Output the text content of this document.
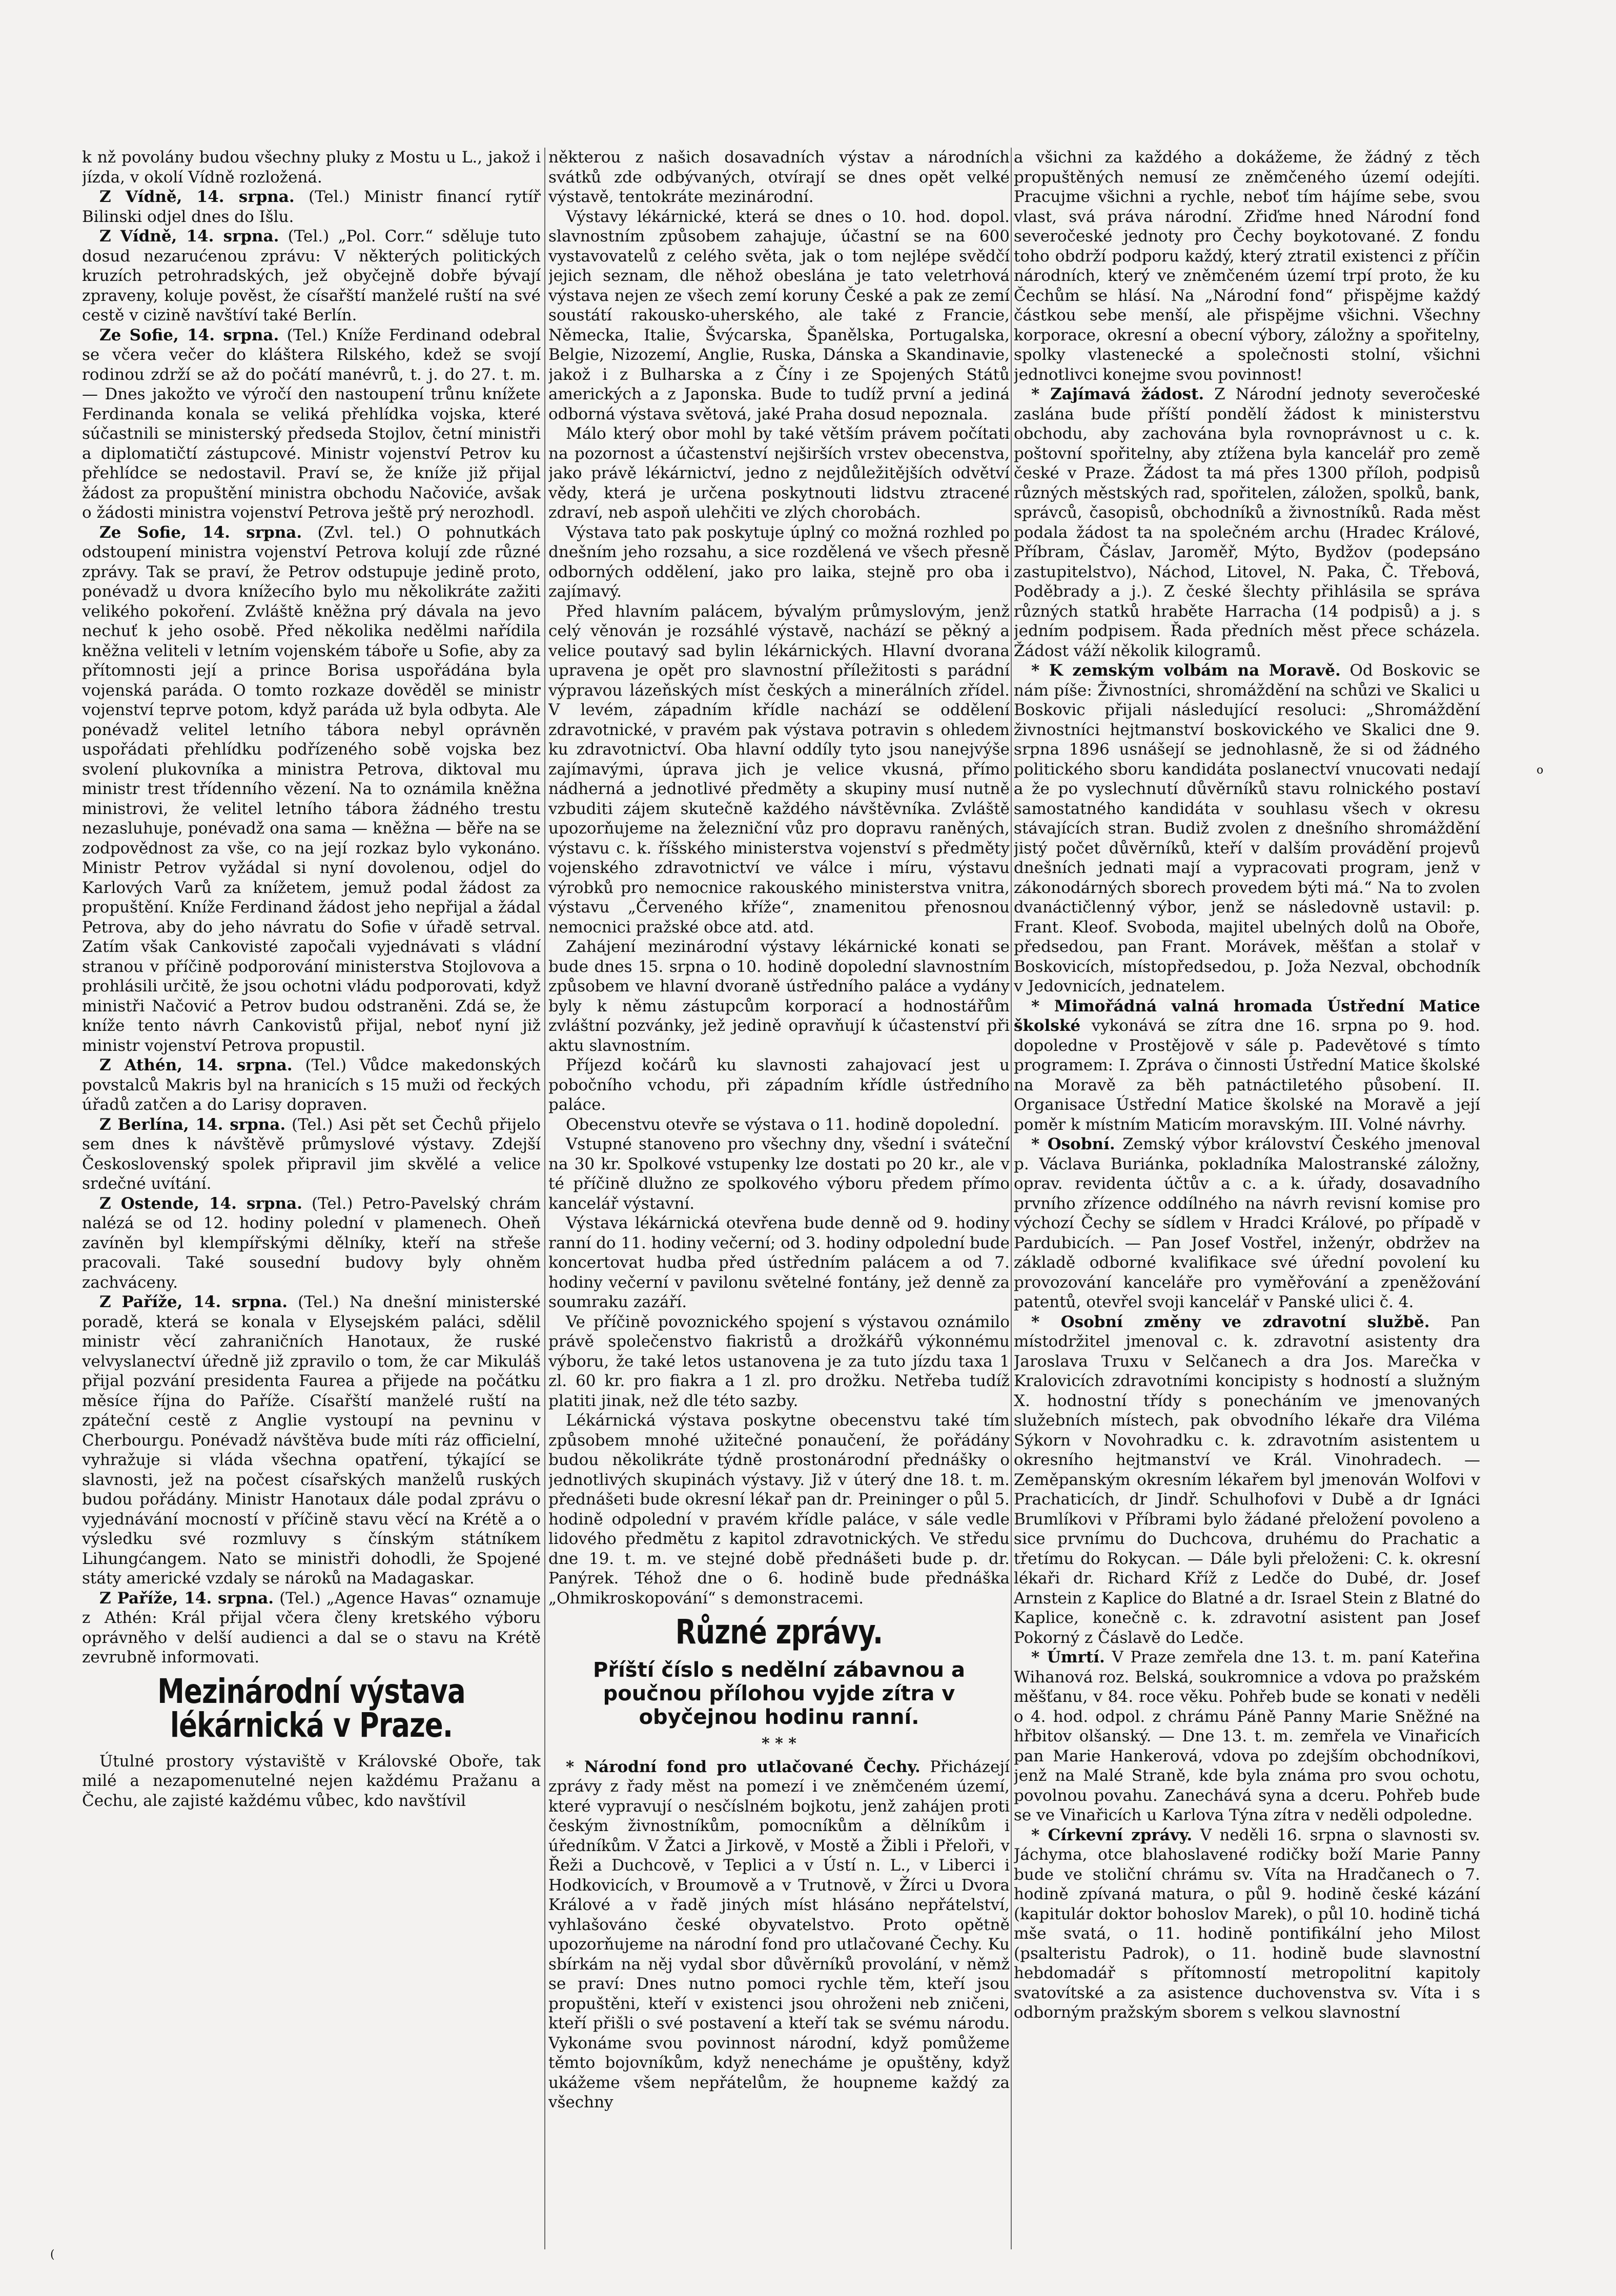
k nž povolány budou všechny pluky z Mostu u L., jakož i jízda, v okolí Vídně rozložená.

Z Vídně, 14. srpna. (Tel.) Ministr financí rytíř Bilinski odjel dnes do Išlu.

Z Vídně, 14. srpna. (Tel.) „Pol. Corr.“ sděluje tuto dosud nezarućenou zprávu: V některých politických kruzích petrohradských, jež obyčejně dobře bývají zpraveny, koluje pověst, že císařští manželé ruští na své cestě v cizině navštíví také Berlín.

Ze Sofie, 14. srpna. (Tel.) Kníže Ferdinand odebral se včera večer do kláštera Rilského, kdež se svojí rodinou zdrží se až do počátí manévrů, t. j. do 27. t. m. — Dnes jakožto ve výročí den nastoupení trůnu knížete Ferdinanda konala se veliká přehlídka vojska, které súčastnili se ministerský předseda Stojlov, četní ministři a diplomatičtí zástupcové. Ministr vojenství Petrov ku přehlídce se nedostavil. Praví se, že kníže již přijal žádost za propuštění ministra obchodu Načoviće, avšak o žádosti ministra vojenství Petrova ještě prý nerozhodl.

Ze Sofie, 14. srpna. (Zvl. tel.) O pohnutkách odstoupení ministra vojenství Petrova kolují zde různé zprávy. Tak se praví, že Petrov odstupuje jedině proto, ponévadž u dvora knížecího bylo mu několikráte zažiti velikého pokoření. Zvláště kněžna prý dávala na jevo nechuť k jeho osobě. Před několika nedělmi nařídila kněžna veliteli v letním vojenském táboře u Sofie, aby za přítomnosti její a prince Borisa uspořádána byla vojenská paráda. O tomto rozkaze dověděl se ministr vojenství teprve potom, když paráda už byla odbyta. Ale ponévadž velitel letního tábora nebyl oprávněn uspořádati přehlídku podřízeného sobě vojska bez svolení plukovníka a ministra Petrova, diktoval mu ministr trest třídenního vězení. Na to oznámila kněžna ministrovi, že velitel letního tábora žádného trestu nezasluhuje, ponévadž ona sama — kněžna — běře na se zodpovědnost za vše, co na její rozkaz bylo vykonáno. Ministr Petrov vyžádal si nyní dovolenou, odjel do Karlových Varů za knížetem, jemuž podal žádost za propuštění. Kníže Ferdinand žádost jeho nepřijal a žádal Petrova, aby do jeho návratu do Sofie v úřadě setrval. Zatím však Cankovisté započali vyjednávati s vládní stranou v příčině podporování ministerstva Stojlovova a prohlásili určitě, že jsou ochotni vládu podporovati, když ministři Načović a Petrov budou odstraněni. Zdá se, že kníže tento návrh Cankovistů přijal, neboť nyní již ministr vojenství Petrova propustil.

Z Athén, 14. srpna. (Tel.) Vůdce makedonských povstalců Makris byl na hranicích s 15 muži od řeckých úřadů zatčen a do Larisy dopraven.

Z Berlína, 14. srpna. (Tel.) Asi pět set Čechů přijelo sem dnes k návštěvě průmyslové výstavy. Zdejší Československý spolek připravil jim skvělé a velice srdečné uvítání.

Z Ostende, 14. srpna. (Tel.) Petro-Pavelský chrám nalézá se od 12. hodiny polední v plamenech. Oheň zavíněn byl klempířskými dělníky, kteří na střeše pracovali. Také sousední budovy byly ohněm zachváceny.

Z Paříže, 14. srpna. (Tel.) Na dnešní ministerské poradě, která se konala v Elysejském paláci, sdělil ministr věcí zahraničních Hanotaux, že ruské velvyslanectví úředně již zpravilo o tom, že car Mikuláš přijal pozvání presidenta Faurea a přijede na počátku měsíce října do Paříže. Císařští manželé ruští na zpáteční cestě z Anglie vystoupí na pevninu v Cherbourgu. Ponévadž návštěva bude míti ráz officielní, vyhražuje si vláda všechna opatření, týkající se slavnosti, jež na počest císařských manželů ruských budou pořádány. Ministr Hanotaux dále podal zprávu o vyjednávání mocností v příčině stavu věcí na Krétě a o výsledku své rozmluvy s čínským státníkem Lihungćangem. Nato se ministři dohodli, že Spojené státy americké vzdaly se nároků na Madagaskar.

Z Paříže, 14. srpna. (Tel.) „Agence Havas“ oznamuje z Athén: Král přijal včera členy kretského výboru oprávněho v delší audienci a dal se o stavu na Krétě zevrubně informovati.

Mezinárodní výstava lékárnická v Praze.

Útulné prostory výstaviště v Královské Oboře, tak milé a nezapomenutelné nejen každému Pražanu a Čechu, ale zajisté každému vůbec, kdo navštívil

některou z našich dosavadních výstav a národních svátků zde odbývaných, otvírají se dnes opět velké výstavě, tentokráte mezinárodní.

Výstavy lékárnické, která se dnes o 10. hod. dopol. slavnostním způsobem zahajuje, účastní se na 600 vystavovatelů z celého světa, jak o tom nejlépe svědčí jejich seznam, dle něhož obeslána je tato veletrhová výstava nejen ze všech zemí koruny České a pak ze zemí soustátí rakousko-uherského, ale také z Francie, Německa, Italie, Švýcarska, Španělska, Portugalska, Belgie, Nizozemí, Anglie, Ruska, Dánska a Skandinavie, jakož i z Bulharska a z Číny i ze Spojených Států amerických a z Japonska. Bude to tudíž první a jediná odborná výstava světová, jaké Praha dosud nepoznala.

Málo který obor mohl by také větším právem počítati na pozornost a účastenství nejširších vrstev obecenstva, jako právě lékárnictví, jedno z nejdůležitějších odvětví vědy, která je určena poskytnouti lidstvu ztracené zdraví, neb aspoň ulehčiti ve zlých chorobách.

Výstava tato pak poskytuje úplný co možná rozhled po dnešním jeho rozsahu, a sice rozdělená ve všech přesně odborných oddělení, jako pro laika, stejně pro oba i zajímavý.

Před hlavním palácem, bývalým průmyslovým, jenž celý věnován je rozsáhlé výstavě, nachází se pěkný a velice poutavý sad bylin lékárnických. Hlavní dvorana upravena je opět pro slavnostní příležitosti s parádní výpravou lázeňských míst českých a minerálních zřídel. V levém, západním křídle nachází se oddělení zdravotnické, v pravém pak výstava potravin s ohledem ku zdravotnictví. Oba hlavní oddíly tyto jsou nanejvýše zajímavými, úprava jich je velice vkusná, přímo nádherná a jednotlivé předměty a skupiny musí nutně vzbuditi zájem skutečně každého návštěvníka. Zvláště upozorňujeme na železniční vůz pro dopravu raněných, výstavu c. k. říšského ministerstva vojenství s předměty vojenského zdravotnictví ve válce i míru, výstavu výrobků pro nemocnice rakouského ministerstva vnitra, výstavu „Červeného kříže“, znamenitou přenosnou nemocnici pražské obce atd. atd.

Zahájení mezinárodní výstavy lékárnické konati se bude dnes 15. srpna o 10. hodině dopolední slavnostním způsobem ve hlavní dvoraně ústředního paláce a vydány byly k němu zástupcům korporací a hodnostářům zvláštní pozvánky, jež jedině opravňují k účastenství při aktu slavnostním.

Příjezd kočárů ku slavnosti zahajovací jest u pobočního vchodu, při západním křídle ústředního paláce.

Obecenstvu otevře se výstava o 11. hodině dopolední.

Vstupné stanoveno pro všechny dny, všední i sváteční na 30 kr. Spolkové vstupenky lze dostati po 20 kr., ale v té příčině dlužno ze spolkového výboru předem přímo kancelář výstavní.

Výstava lékárnická otevřena bude denně od 9. hodiny ranní do 11. hodiny večerní; od 3. hodiny odpolední bude koncertovat hudba před ústředním palácem a od 7. hodiny večerní v pavilonu světelné fontány, jež denně za soumraku zazáří.

Ve příčině povoznického spojení s výstavou oznámilo právě společenstvo fiakristů a drožkářů výkonnému výboru, že také letos ustanovena je za tuto jízdu taxa 1 zl. 60 kr. pro fiakra a 1 zl. pro drožku. Netřeba tudíž platiti jinak, než dle této sazby.

Lékárnická výstava poskytne obecenstvu také tím způsobem mnohé užitečné ponaučení, že pořádány budou několikráte týdně prostonárodní přednášky o jednotlivých skupinách výstavy. Již v úterý dne 18. t. m. přednášeti bude okresní lékař pan dr. Preininger o půl 5. hodině odpolední v pravém křídle paláce, v sále vedle lidového předmětu z kapitol zdravotnických. Ve středu dne 19. t. m. ve stejné době přednášeti bude p. dr. Panýrek. Téhož dne o 6. hodině bude přednáška „Ohmikroskopování“ s demonstracemi.

Různé zprávy.
Příští číslo s nedělní zábavnou a poučnou přílohou vyjde zítra v obyčejnou hodinu ranní.
* * *

* Národní fond pro utlačované Čechy. Přicházejí zprávy z řady měst na pomezí i ve zněmčeném území, které vypravují o nesčíslném bojkotu, jenž zahájen proti českým živnostníkům, pomocníkům a dělníkům i úředníkům. V Žatci a Jirkově, v Mostě a Žibli i Přeloři, v Řeži a Duchcově, v Teplici a v Ústí n. L., v Liberci i Hodkovicích, v Broumově a v Trutnově, v Žírci u Dvora Králové a v řadě jiných míst hlásáno nepřátelství, vyhlašováno české obyvatelstvo. Proto opětně upozorňujeme na národní fond pro utlačované Čechy. Ku sbírkám na něj vydal sbor důvěrníků provolání, v němž se praví: Dnes nutno pomoci rychle těm, kteří jsou propuštěni, kteří v existenci jsou ohroženi neb zničeni, kteří přišli o své postavení a kteří tak se svému národu. Vykonáme svou povinnost národní, když pomůžeme těmto bojovníkům, když nenecháme je opuštěny, když ukážeme všem nepřátelům, že houpneme každý za všechny

a všichni za každého a dokážeme, že žádný z těch propuštěných nemusí ze zněmčeného území odejíti. Pracujme všichni a rychle, neboť tím hájíme sebe, svou vlast, svá práva národní. Zřiďme hned Národní fond severočeské jednoty pro Čechy boykotované. Z fondu toho obdrží podporu každý, který ztratil existenci z příčin národních, který ve zněmčeném území trpí proto, že ku Čechům se hlásí. Na „Národní fond“ přispějme každý částkou sebe menší, ale přispějme všichni. Všechny korporace, okresní a obecní výbory, záložny a spořitelny, spolky vlastenecké a společnosti stolní, všichni jednotlivci konejme svou povinnost!

* Zajímavá žádost. Z Národní jednoty severočeské zaslána bude příští pondělí žádost k ministerstvu obchodu, aby zachována byla rovnoprávnost u c. k. poštovní spořitelny, aby ztížena byla kancelář pro země české v Praze. Žádost ta má přes 1300 příloh, podpisů různých městských rad, spořitelen, záložen, spolků, bank, správců, časopisů, obchodníků a živnostníků. Rada měst podala žádost ta na společném archu (Hradec Králové, Příbram, Čáslav, Jaroměř, Mýto, Bydžov (podepsáno zastupitelstvo), Náchod, Litovel, N. Paka, Č. Třebová, Poděbrady a j.). Z české šlechty přihlásila se správa různých statků hraběte Harracha (14 podpisů) a j. s jedním podpisem. Řada předních měst přece scházela. Žádost váží několik kilogramů.

* K zemským volbám na Moravě. Od Boskovic se nám píše: Živnostníci, shromáždění na schůzi ve Skalici u Boskovic přijali následující resoluci: „Shromáždění živnostníci hejtmanství boskovického ve Skalici dne 9. srpna 1896 usnášejí se jednohlasně, že si od žádného politického sboru kandidáta poslanectví vnucovati nedají a že po vyslechnutí důvěrníků stavu rolnického postaví samostatného kandidáta v souhlasu všech v okresu stávajících stran. Budiž zvolen z dnešního shromáždění jistý počet důvěrníků, kteří v dalším provádění projevů dnešních jednati mají a vypracovati program, jenž v zákonodárných sborech provedem býti má.“ Na to zvolen dvanáctičlenný výbor, jenž se následovně ustavil: p. Frant. Kleof. Svoboda, majitel ubelných dolů na Oboře, předsedou, pan Frant. Morávek, měšťan a stolař v Boskovicích, místopředsedou, p. Joža Nezval, obchodník v Jedovnicích, jednatelem.

* Mimořádná valná hromada Ústřední Matice školské vykonává se zítra dne 16. srpna po 9. hod. dopoledne v Prostějově v sále p. Padevětové s tímto programem: I. Zpráva o činnosti Ústřední Matice školské na Moravě za běh patnáctiletého působení. II. Organisace Ústřední Matice školské na Moravě a její poměr k místním Maticím moravským. III. Volné návrhy.

* Osobní. Zemský výbor království Českého jmenoval p. Václava Buriánka, pokladníka Malostranské záložny, oprav. revidenta účtův a c. a k. úřady, dosavadního prvního zřízence oddílného na návrh revisní komise pro výchozí Čechy se sídlem v Hradci Králové, po případě v Pardubicích. — Pan Josef Vostřel, inženýr, obdržev na základě odborné kvalifikace své úřední povolení ku provozování kanceláře pro vyměřování a zpeněžování patentů, otevřel svoji kancelář v Panské ulici č. 4.

* Osobní změny ve zdravotní službě. Pan místodržitel jmenoval c. k. zdravotní asistenty dra Jaroslava Truxu v Selčanech a dra Jos. Marečka v Kralovicích zdravotními koncipisty s hodností a služným X. hodnostní třídy s ponecháním ve jmenovaných služebních místech, pak obvodního lékaře dra Viléma Sýkorn v Novohradku c. k. zdravotním asistentem u okresního hejtmanství ve Král. Vinohradech. — Zeměpanským okresním lékařem byl jmenován Wolfovi v Prachaticích, dr Jindř. Schulhofovi v Dubě a dr Ignáci Brumlíkovi v Příbrami bylo žádané přeložení povoleno a sice prvnímu do Duchcova, druhému do Prachatic a třetímu do Rokycan. — Dále byli přeloženi: C. k. okresní lékaři dr. Richard Kříž z Ledče do Dubé, dr. Josef Arnstein z Kaplice do Blatné a dr. Israel Stein z Blatné do Kaplice, konečně c. k. zdravotní asistent pan Josef Pokorný z Čáslavě do Ledče.

* Úmrtí. V Praze zemřela dne 13. t. m. paní Kateřina Wihanová roz. Belská, soukromnice a vdova po pražském měšťanu, v 84. roce věku. Pohřeb bude se konati v neděli o 4. hod. odpol. z chrámu Páně Panny Marie Sněžné na hřbitov olšanský. — Dne 13. t. m. zemřela ve Vinařicích pan Marie Hankerová, vdova po zdejším obchodníkovi, jenž na Malé Straně, kde byla známa pro svou ochotu, povolnou povahu. Zanechává syna a dceru. Pohřeb bude se ve Vinařicích u Karlova Týna zítra v neděli odpoledne.

* Církevní zprávy. V neděli 16. srpna o slavnosti sv. Jáchyma, otce blahoslavené rodičky boží Marie Panny bude ve stoliční chrámu sv. Víta na Hradčanech o 7. hodině zpívaná matura, o půl 9. hodině české kázání (kapitulár doktor bohoslov Marek), o půl 10. hodině tichá mše svatá, o 11. hodině pontifikální jeho Milost (psalteristu Padrok), o 11. hodině bude slavnostní hebdomadář s přítomností metropolitní kapitoly svatovítské a za asistence duchovenstva sv. Víta i s odborným pražským sborem s velkou slavnostní

o
(
